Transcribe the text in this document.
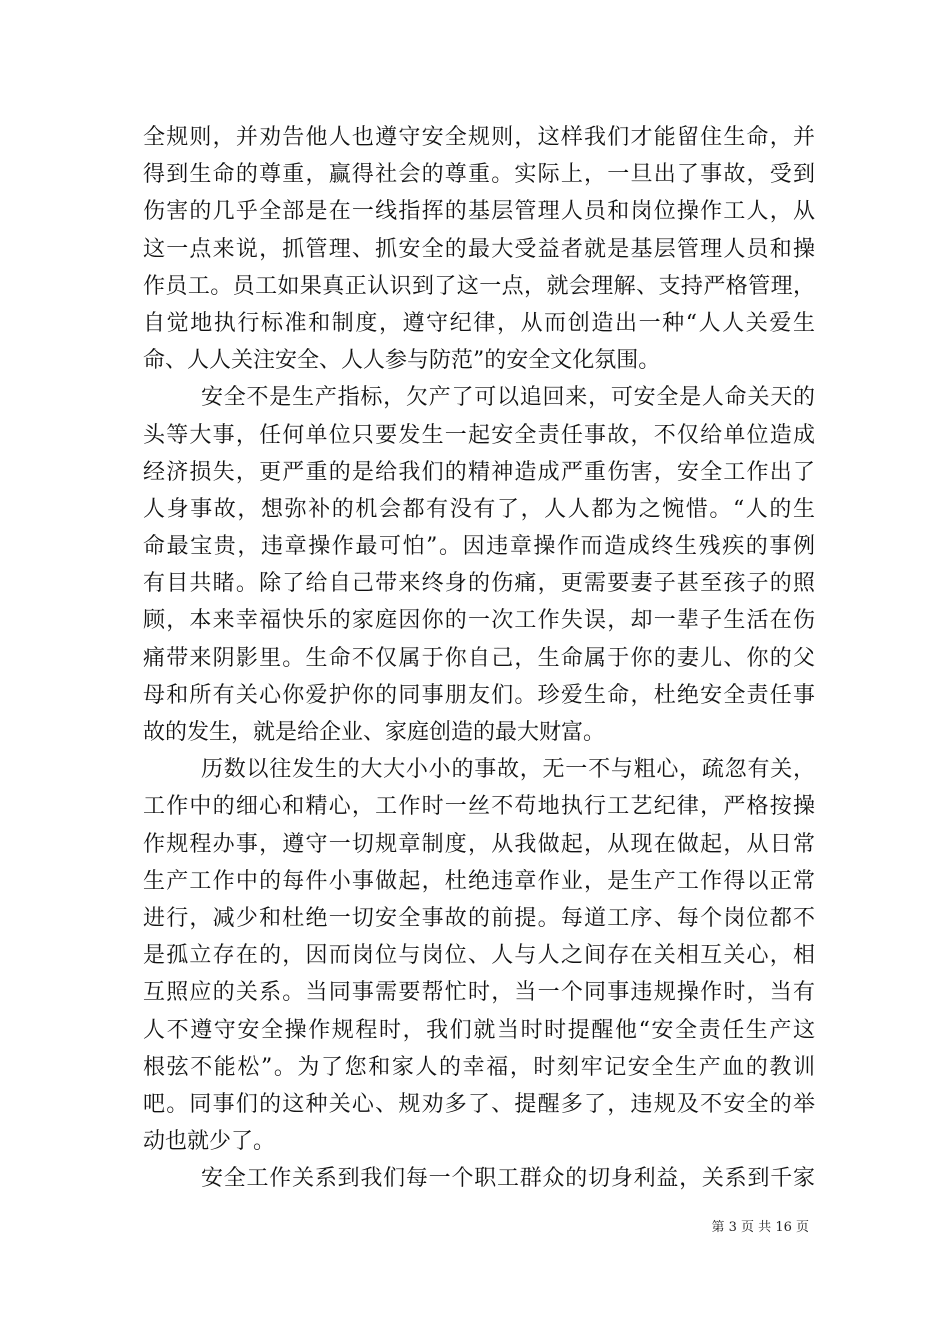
全规则，并劝告他人也遵守安全规则，这样我们才能留住生命，并
得到生命的尊重，赢得社会的尊重。实际上，一旦出了事故，受到
伤害的几乎全部是在一线指挥的基层管理人员和岗位操作工人，从
这一点来说，抓管理、抓安全的最大受益者就是基层管理人员和操
作员工。员工如果真正认识到了这一点，就会理解、支持严格管理，
自觉地执行标准和制度，遵守纪律，从而创造出一种“人人关爱生
命、人人关注安全、人人参与防范”的安全文化氛围。
安全不是生产指标，欠产了可以追回来，可安全是人命关天的
头等大事，任何单位只要发生一起安全责任事故，不仅给单位造成
经济损失，更严重的是给我们的精神造成严重伤害，安全工作出了
人身事故，想弥补的机会都有没有了，人人都为之惋惜。“人的生
命最宝贵，违章操作最可怕”。因违章操作而造成终生残疾的事例
有目共睹。除了给自己带来终身的伤痛，更需要妻子甚至孩子的照
顾，本来幸福快乐的家庭因你的一次工作失误，却一辈子生活在伤
痛带来阴影里。生命不仅属于你自己，生命属于你的妻儿、你的父
母和所有关心你爱护你的同事朋友们。珍爱生命，杜绝安全责任事
故的发生，就是给企业、家庭创造的最大财富。
历数以往发生的大大小小的事故，无一不与粗心，疏忽有关，
工作中的细心和精心，工作时一丝不苟地执行工艺纪律，严格按操
作规程办事，遵守一切规章制度，从我做起，从现在做起，从日常
生产工作中的每件小事做起，杜绝违章作业，是生产工作得以正常
进行，减少和杜绝一切安全事故的前提。每道工序、每个岗位都不
是孤立存在的，因而岗位与岗位、人与人之间存在关相互关心，相
互照应的关系。当同事需要帮忙时，当一个同事违规操作时，当有
人不遵守安全操作规程时，我们就当时时提醒他“安全责任生产这
根弦不能松”。为了您和家人的幸福，时刻牢记安全生产血的教训
吧。同事们的这种关心、规劝多了、提醒多了，违规及不安全的举
动也就少了。
安全工作关系到我们每一个职工群众的切身利益，关系到千家
第 3 页 共 16 页
